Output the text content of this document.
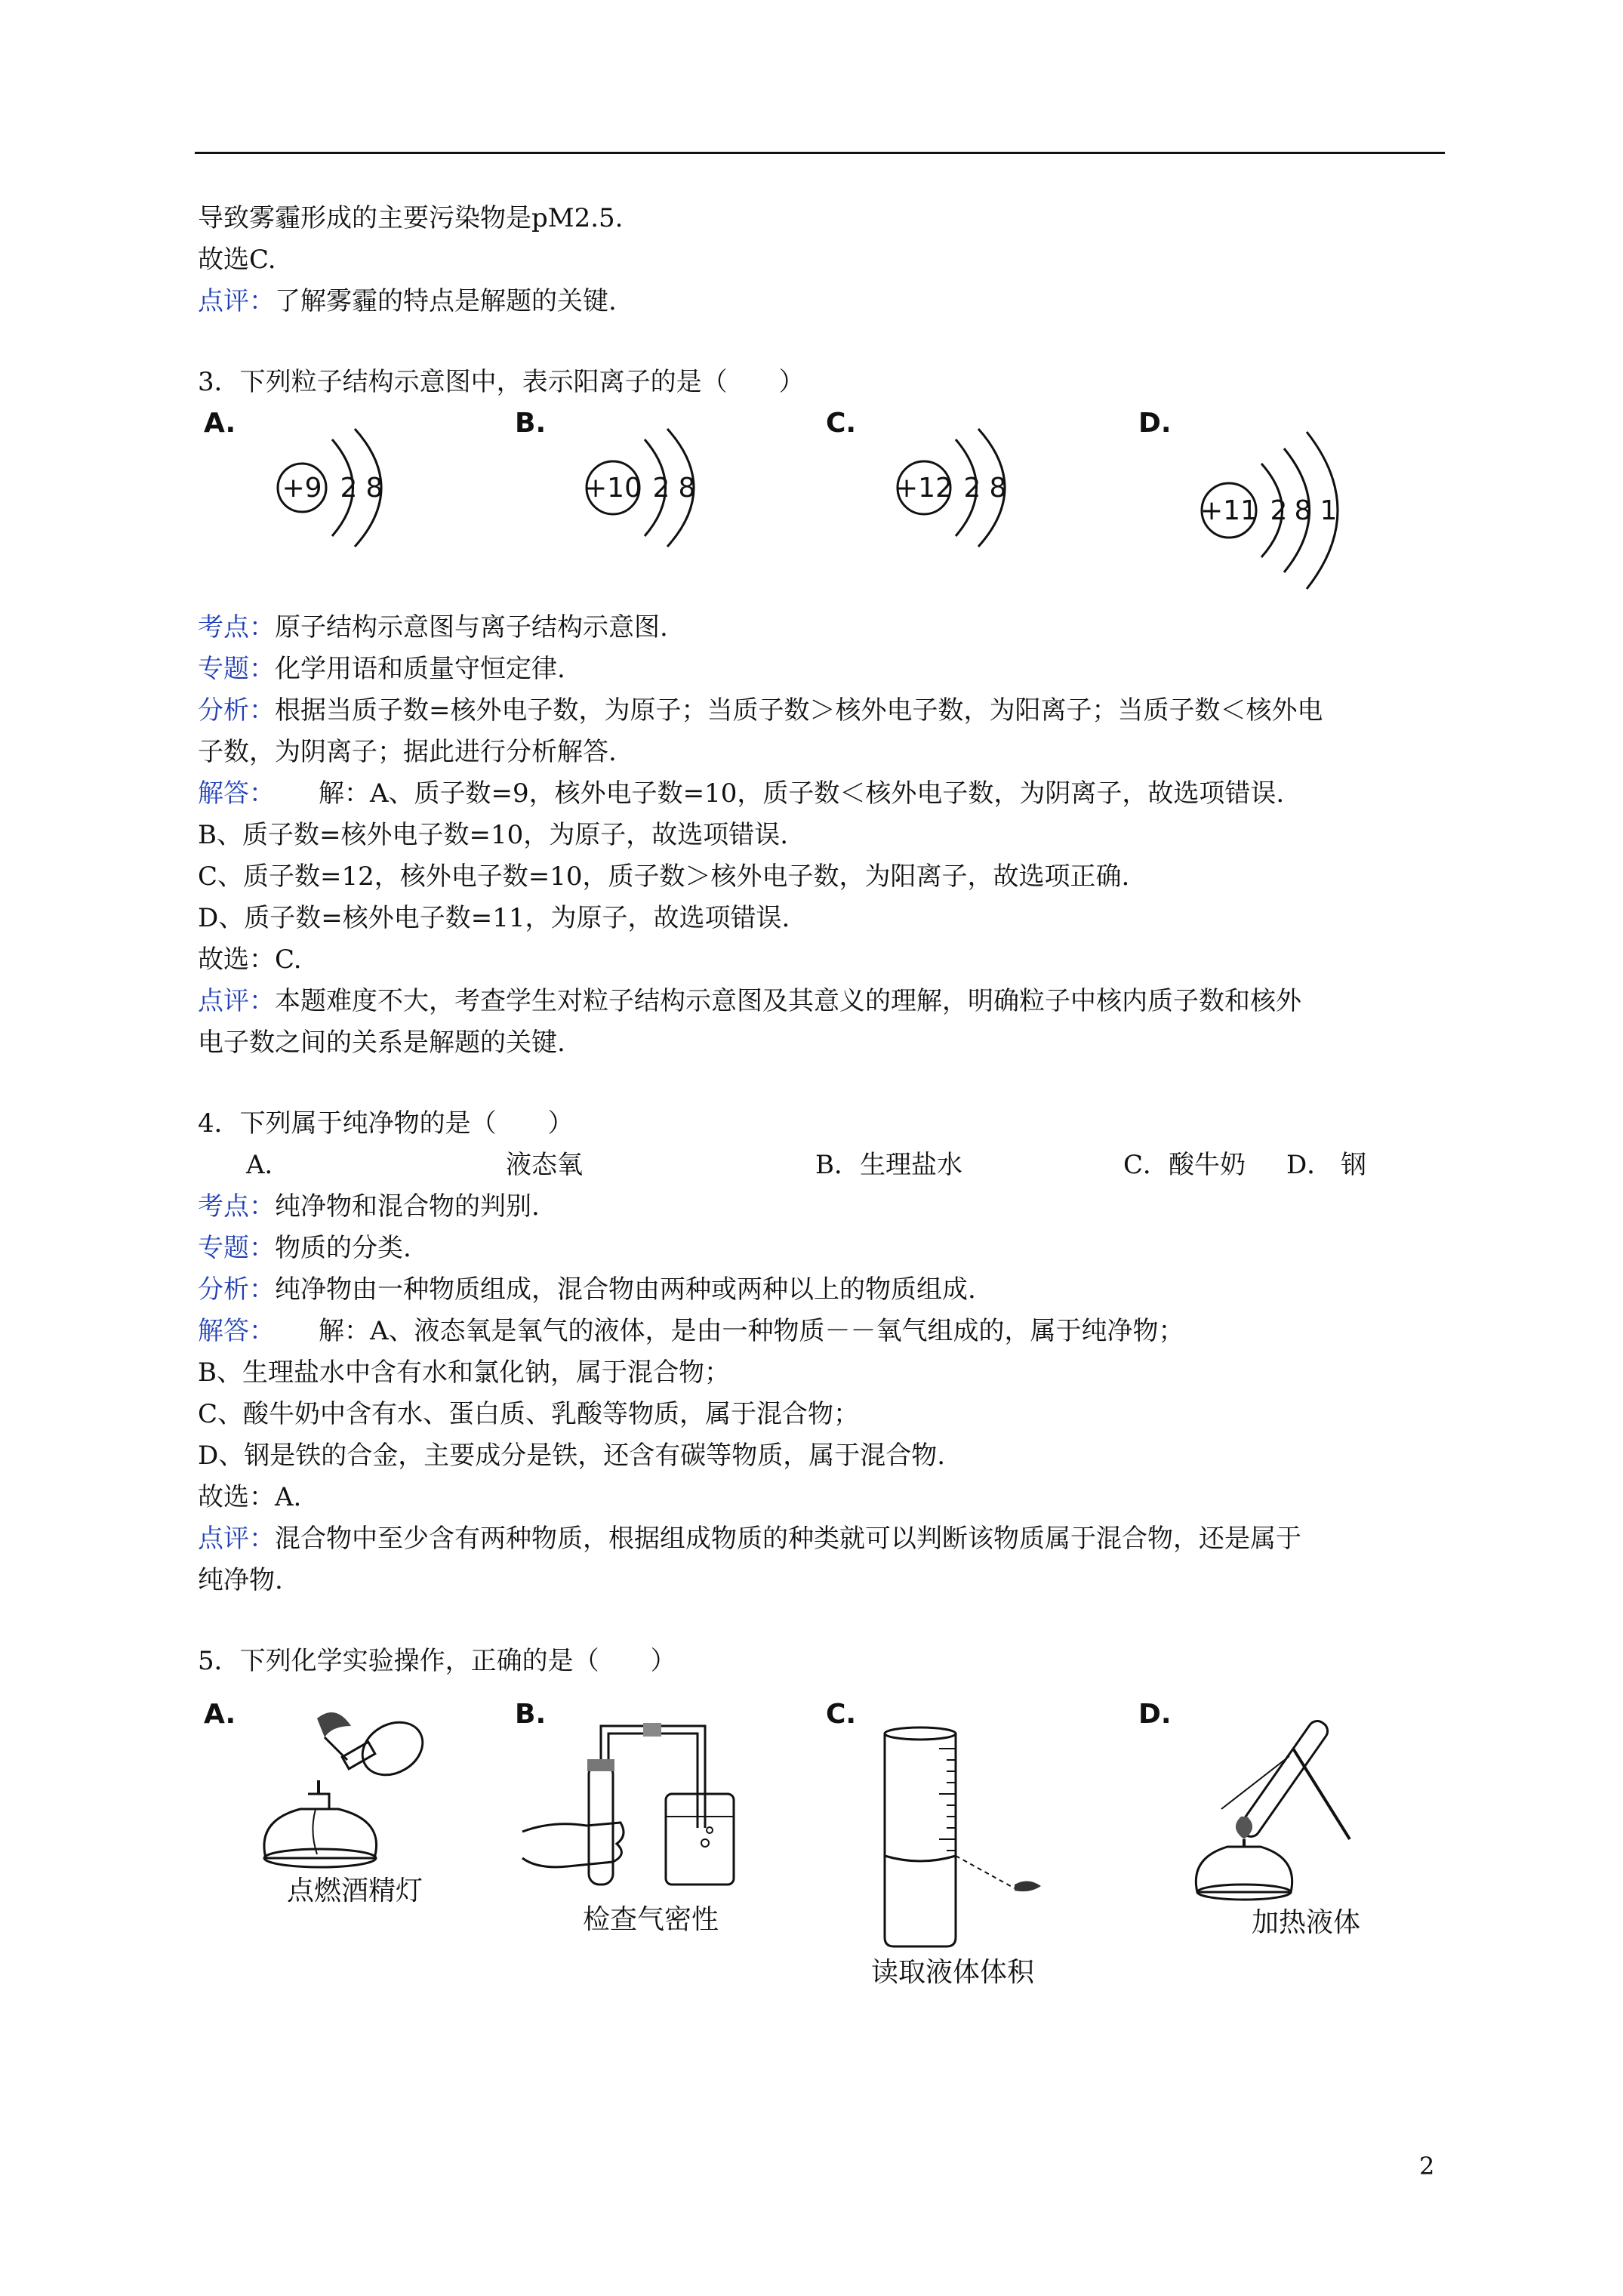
导致雾霾形成的主要污染物是pM2.5.
故选C.
点评：了解雾霾的特点是解题的关键.
3．下列粒子结构示意图中，表示阳离子的是（　　）
A.
+9 2 8
B.
+10 2 8
C.
+12 2 8
D.
+11 2 8 1
考点：原子结构示意图与离子结构示意图.
专题：化学用语和质量守恒定律.
分析：根据当质子数=核外电子数，为原子；当质子数＞核外电子数，为阳离子；当质子数＜核外电
子数，为阴离子；据此进行分析解答.
解答： 解：A、质子数=9，核外电子数=10，质子数＜核外电子数，为阴离子，故选项错误.
B、质子数=核外电子数=10，为原子，故选项错误.
C、质子数=12，核外电子数=10，质子数＞核外电子数，为阳离子，故选项正确.
D、质子数=核外电子数=11，为原子，故选项错误.
故选：C.
点评：本题难度不大，考查学生对粒子结构示意图及其意义的理解，明确粒子中核内质子数和核外
电子数之间的关系是解题的关键.
4．下列属于纯净物的是（　　）
A．	液态氧	B．生理盐水	C．酸牛奶 D． 钢
考点：纯净物和混合物的判别.
专题：物质的分类.
分析：纯净物由一种物质组成，混合物由两种或两种以上的物质组成.
解答： 解：A、液态氧是氧气的液体，是由一种物质－－氧气组成的，属于纯净物；
B、生理盐水中含有水和氯化钠，属于混合物；
C、酸牛奶中含有水、蛋白质、乳酸等物质，属于混合物；
D、钢是铁的合金，主要成分是铁，还含有碳等物质，属于混合物.
故选：A.
点评：混合物中至少含有两种物质，根据组成物质的种类就可以判断该物质属于混合物，还是属于
纯净物.
5．下列化学实验操作，正确的是（　　）
A.
点燃酒精灯
B.
检查气密性
C.
读取液体体积
D.
加热液体
2
